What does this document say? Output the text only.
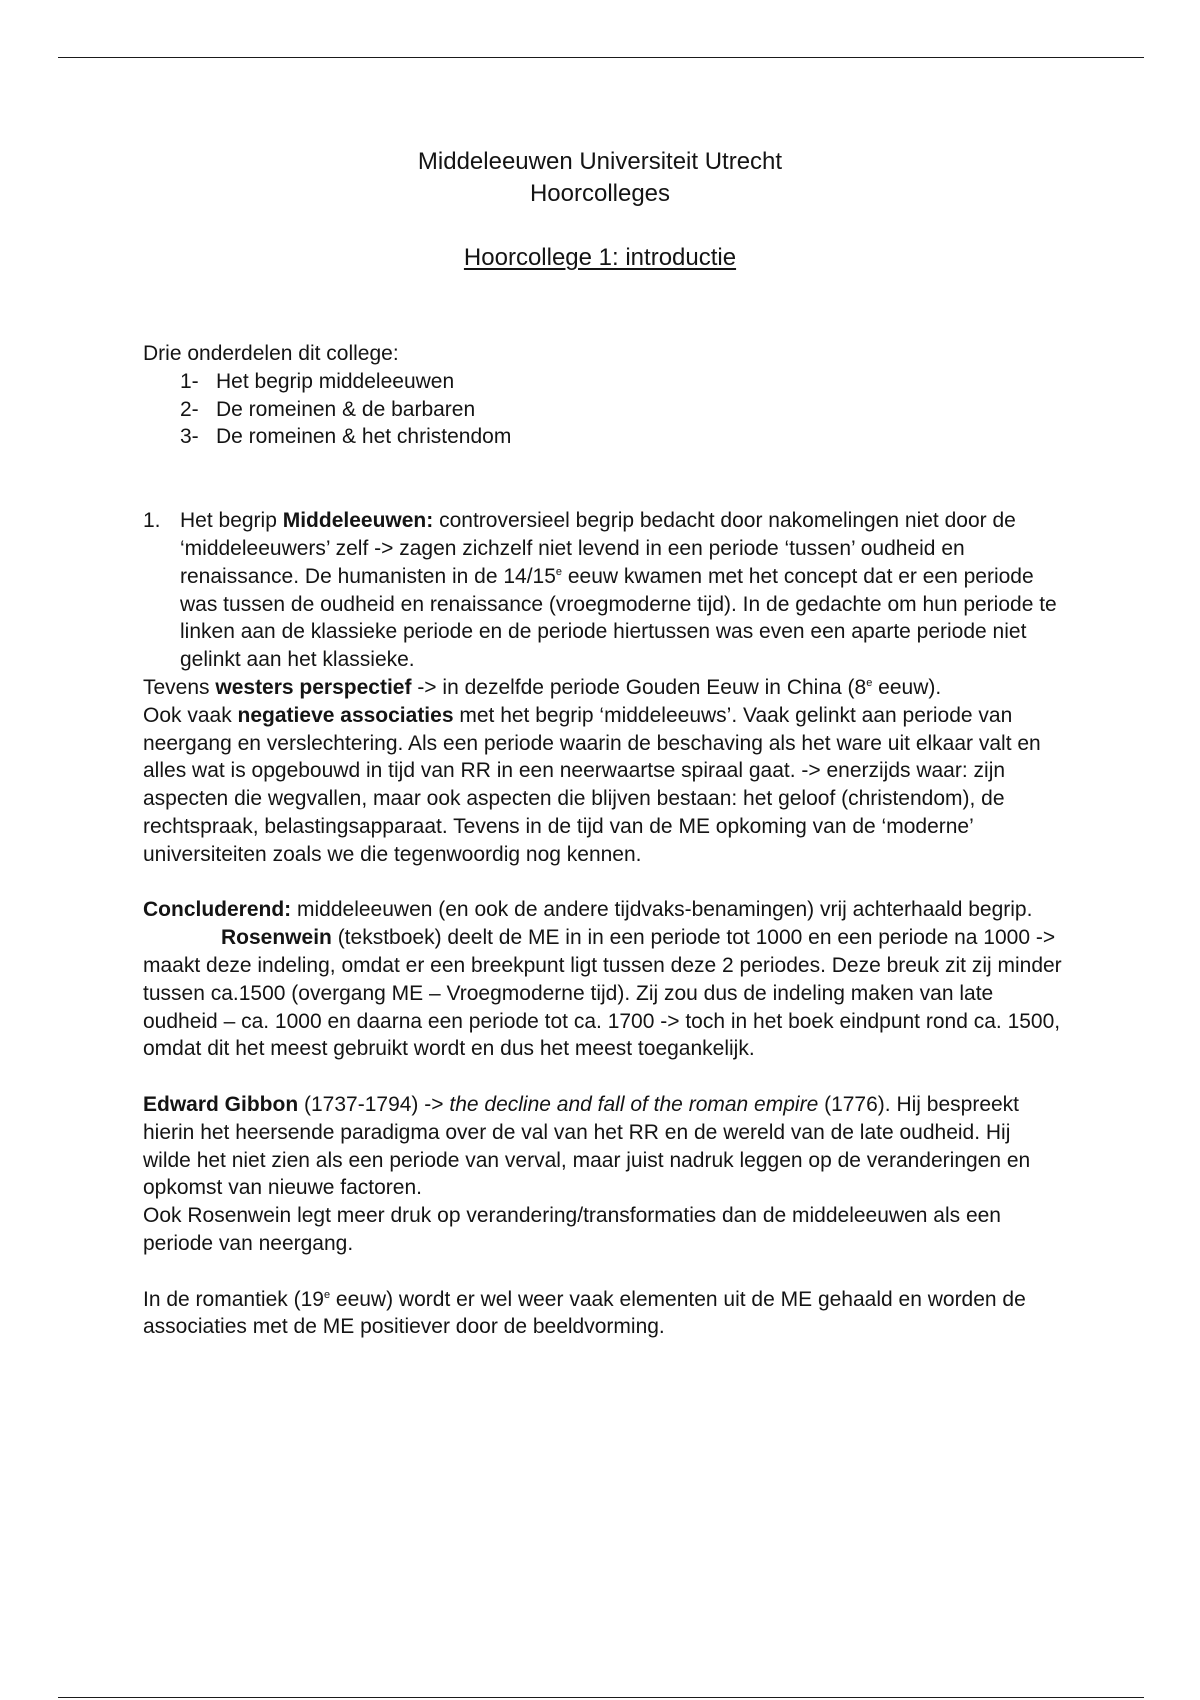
Middeleeuwen Universiteit Utrecht
Hoorcolleges
Hoorcollege 1: introductie

Drie onderdelen dit college:

1- Het begrip middeleeuwen
2- De romeinen & de barbaren
3- De romeinen & het christendom
1. Het begrip Middeleeuwen: controversieel begrip bedacht door nakomelingen niet door de ‘middeleeuwers’ zelf -> zagen zichzelf niet levend in een periode ‘tussen’ oudheid en renaissance. De humanisten in de 14/15e eeuw kwamen met het concept dat er een periode was tussen de oudheid en renaissance (vroegmoderne tijd). In de gedachte om hun periode te linken aan de klassieke periode en de periode hiertussen was even een aparte periode niet gelinkt aan het klassieke.

Tevens westers perspectief -> in dezelfde periode Gouden Eeuw in China (8e eeuw).

Ook vaak negatieve associaties met het begrip ‘middeleeuws’. Vaak gelinkt aan periode van neergang en verslechtering. Als een periode waarin de beschaving als het ware uit elkaar valt en alles wat is opgebouwd in tijd van RR in een neerwaartse spiraal gaat. -> enerzijds waar: zijn aspecten die wegvallen, maar ook aspecten die blijven bestaan: het geloof (christendom), de rechtspraak, belastingsapparaat. Tevens in de tijd van de ME opkoming van de ‘moderne’ universiteiten zoals we die tegenwoordig nog kennen.

Concluderend: middeleeuwen (en ook de andere tijdvaks-benamingen) vrij achterhaald begrip.

Rosenwein (tekstboek) deelt de ME in in een periode tot 1000 en een periode na 1000 -> maakt deze indeling, omdat er een breekpunt ligt tussen deze 2 periodes. Deze breuk zit zij minder tussen ca.1500 (overgang ME – Vroegmoderne tijd). Zij zou dus de indeling maken van late oudheid – ca. 1000 en daarna een periode tot ca. 1700 -> toch in het boek eindpunt rond ca. 1500, omdat dit het meest gebruikt wordt en dus het meest toegankelijk.

Edward Gibbon (1737-1794) -> the decline and fall of the roman empire (1776). Hij bespreekt hierin het heersende paradigma over de val van het RR en de wereld van de late oudheid. Hij wilde het niet zien als een periode van verval, maar juist nadruk leggen op de veranderingen en opkomst van nieuwe factoren.

Ook Rosenwein legt meer druk op verandering/transformaties dan de middeleeuwen als een periode van neergang.

In de romantiek (19e eeuw) wordt er wel weer vaak elementen uit de ME gehaald en worden de associaties met de ME positiever door de beeldvorming.
